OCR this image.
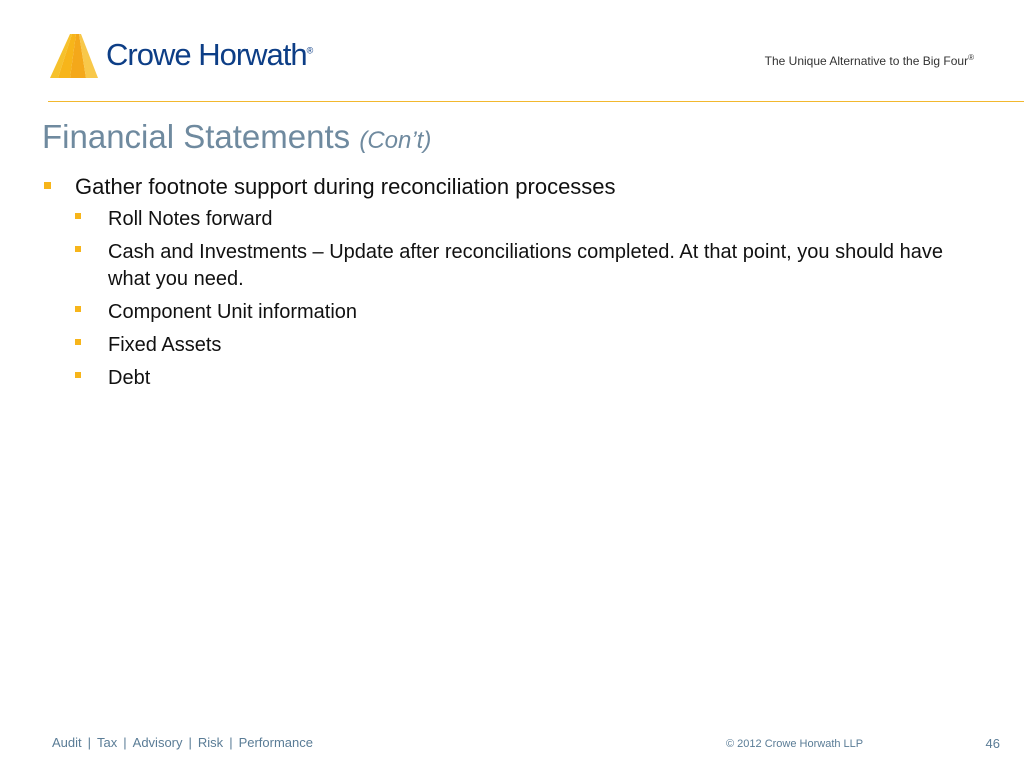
Crowe Horwath®
The Unique Alternative to the Big Four®
Financial Statements (Con’t)
Gather footnote support during reconciliation processes
Roll Notes forward
Cash and Investments – Update after reconciliations completed. At that point, you should have what you need.
Component Unit information
Fixed Assets
Debt
Audit | Tax | Advisory | Risk | Performance	© 2012 Crowe Horwath LLP	46
